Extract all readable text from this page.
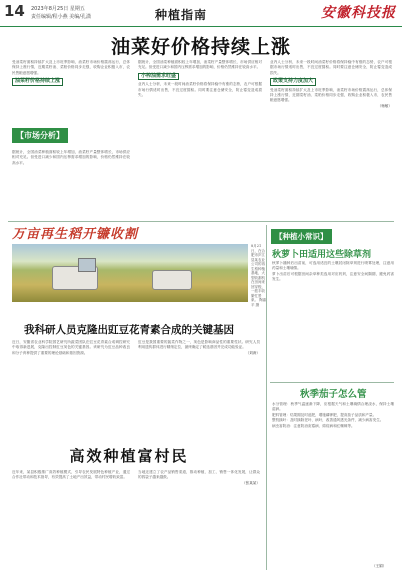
14 2023年8月25日 星期五
责任编辑/程小燕 美编/孔潇	种植指南	安徽科技报
油菜好价格持续上涨
【市场分析】

受油菜籽面积持续扩大及上市旺季影响，油菜籽市场价格震荡运行，总体保持上涨行情，近期菜籽油、菜粕价格同步走强，收购企业积极入市，农民售粮意愿增强。

油菜籽价格持续上涨

据统计，全国油菜种植面积较上年增加，油菜籽产量整体增长，市场供应相对充足。但受进口减少和国内压榨需求增加的影响，价格仍然维持在较高水平。

据统计，全国油菜种植面积较上年增加，油菜籽产量整体增长，市场供应相对充足。但受进口减少和国内压榨需求增加的影响，价格仍然维持在较高水平。

小榨油需求旺盛

业内人士分析，未来一段时间油菜籽价格将保持稳中有涨的态势，农户可根据市场行情适时出售，不宜过度囤积。同时要注意仓储安全，防止霉变造成损失。

业内人士分析，未来一段时间油菜籽价格将保持稳中有涨的态势，农户可根据市场行情适时出售，不宜过度囤积。同时要注意仓储安全，防止霉变造成损失。

政策支持力度加大

受油菜籽面积持续扩大及上市旺季影响，油菜籽市场价格震荡运行，总体保持上涨行情，近期菜籽油、菜粕价格同步走强，收购企业积极入市，农民售粮意愿增强。

（杨敏）
万亩再生稻开镰收割
8月21日，在合肥市庐江县某农业公司的再生稻种植基地，大型收割机在田间来回穿梭，一派丰收繁忙景象。 陶嘉平 摄
我科研人员克隆出豇豆花青素合成的关键基因

近日，安徽省农业科学院园艺研究所蔬菜团队在豇豆花青素合成调控研究中取得新进展，克隆出控制豇豆荚色的关键基因。该研究为豇豆品种改良和分子育种提供了重要的理论基础和基因资源。

豇豆是我国重要的蔬菜作物之一，荚色是影响商品性的重要性状。研究人员利用遗传群体进行精细定位，最终确定了候选基因并完成功能验证。

（刘涛）
高效种植富村民

近年来，某县积极推广高效种植模式，引导农民发展特色种植产业，通过合作社带动和技术指导，有效提高了土地产出效益，带动村民增收致富。

当地还建立了农产品销售渠道，推动种植、加工、销售一体化发展，让群众的钱袋子越来越鼓。

（张某某）
【种植小常识】
秋萝卜田适用这些除草剂

秋萝卜播种后出苗前，可选用适宜的土壤封闭除草剂进行喷雾处理，注意用药量和土壤墒情。

萝卜出苗后可根据田间杂草种类选用对应药剂，注意安全间隔期，避免药害发生。

秋季茄子怎么管

水分管理：秋季气温逐渐下降，应根据天气和土壤墒情合理浇水，保持土壤湿润。

肥料管理：结果期及时追肥，增施磷钾肥，提高茄子品质和产量。

整枝摘叶：及时摘除老叶、病叶，改善通风透光条件，减少病害发生。

病虫害防治：注意防治灰霉病、绵疫病和红蜘蛛等。

（王娟）
